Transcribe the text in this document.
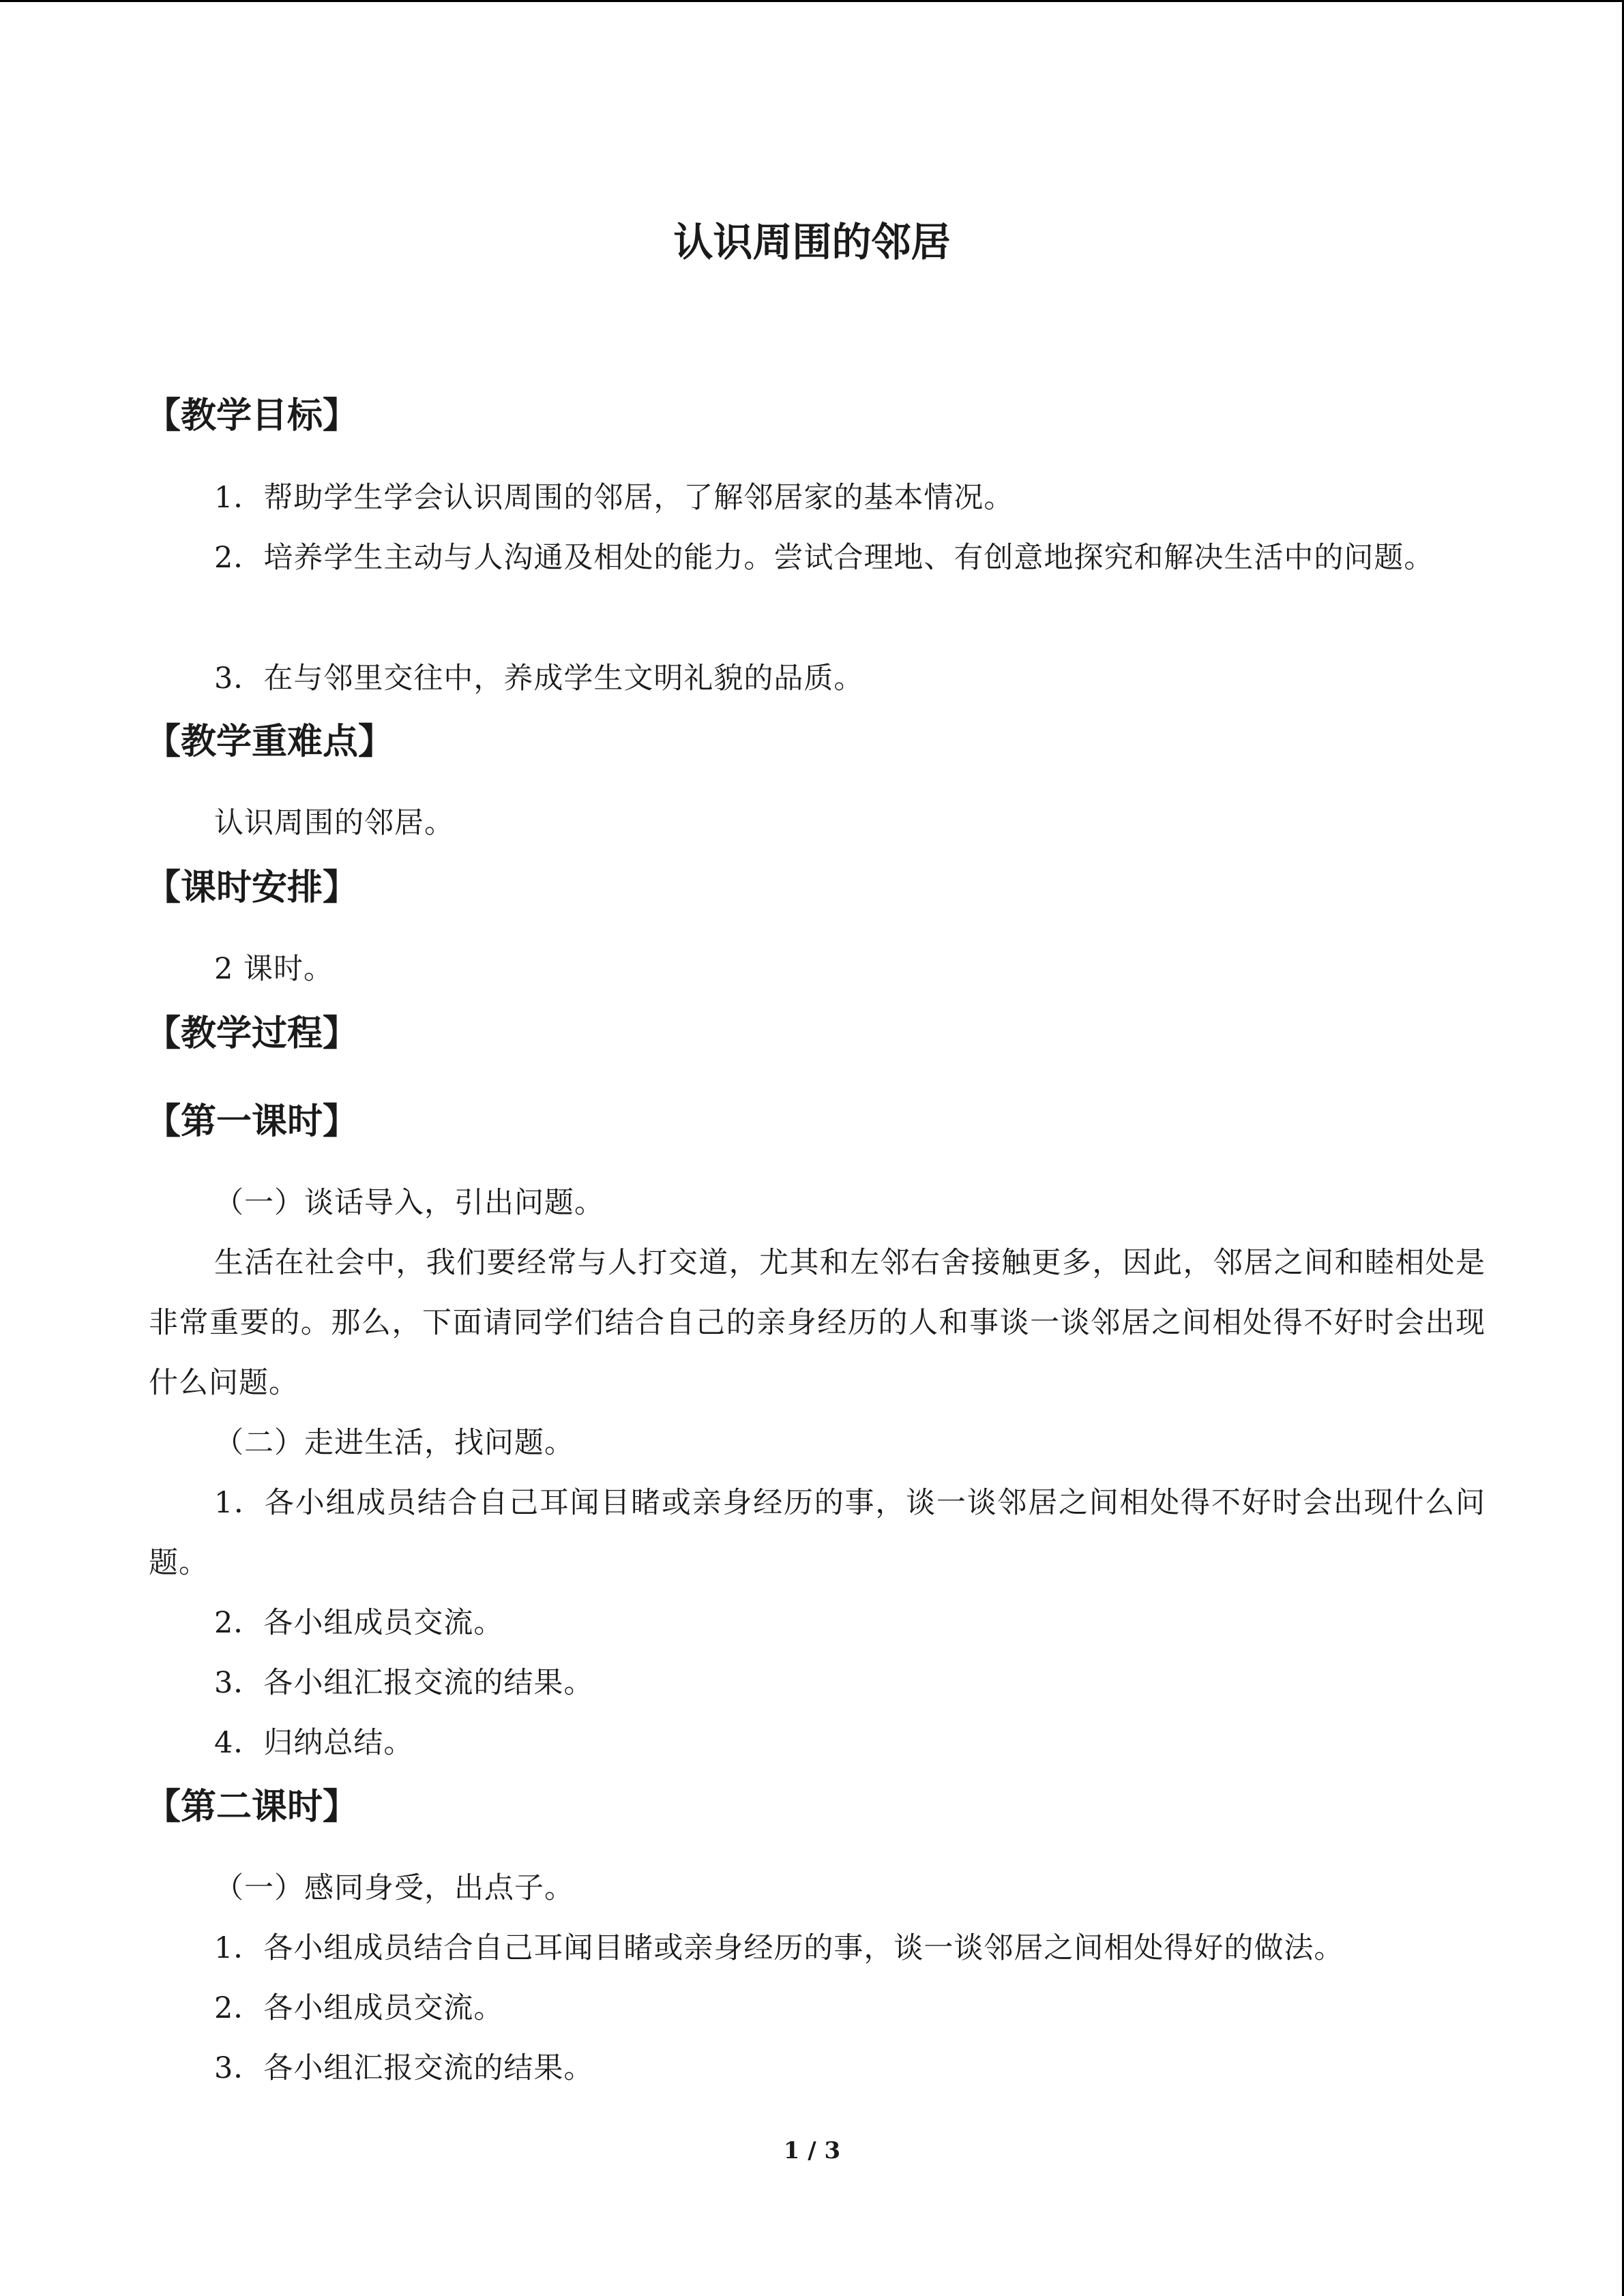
认识周围的邻居
【教学目标】

1．帮助学生学会认识周围的邻居，了解邻居家的基本情况。

2．培养学生主动与人沟通及相处的能力。尝试合理地、有创意地探究和解决生活中的问题。

3．在与邻里交往中，养成学生文明礼貌的品质。

【教学重难点】

认识周围的邻居。

【课时安排】

2 课时。

【教学过程】
【第一课时】

（一）谈话导入，引出问题。

生活在社会中，我们要经常与人打交道，尤其和左邻右舍接触更多，因此，邻居之间和睦相处是非常重要的。那么，下面请同学们结合自己的亲身经历的人和事谈一谈邻居之间相处得不好时会出现什么问题。

（二）走进生活，找问题。

1．各小组成员结合自己耳闻目睹或亲身经历的事，谈一谈邻居之间相处得不好时会出现什么问题。

2．各小组成员交流。

3．各小组汇报交流的结果。

4．归纳总结。

【第二课时】

（一）感同身受，出点子。

1．各小组成员结合自己耳闻目睹或亲身经历的事，谈一谈邻居之间相处得好的做法。

2．各小组成员交流。

3．各小组汇报交流的结果。

1 / 3
